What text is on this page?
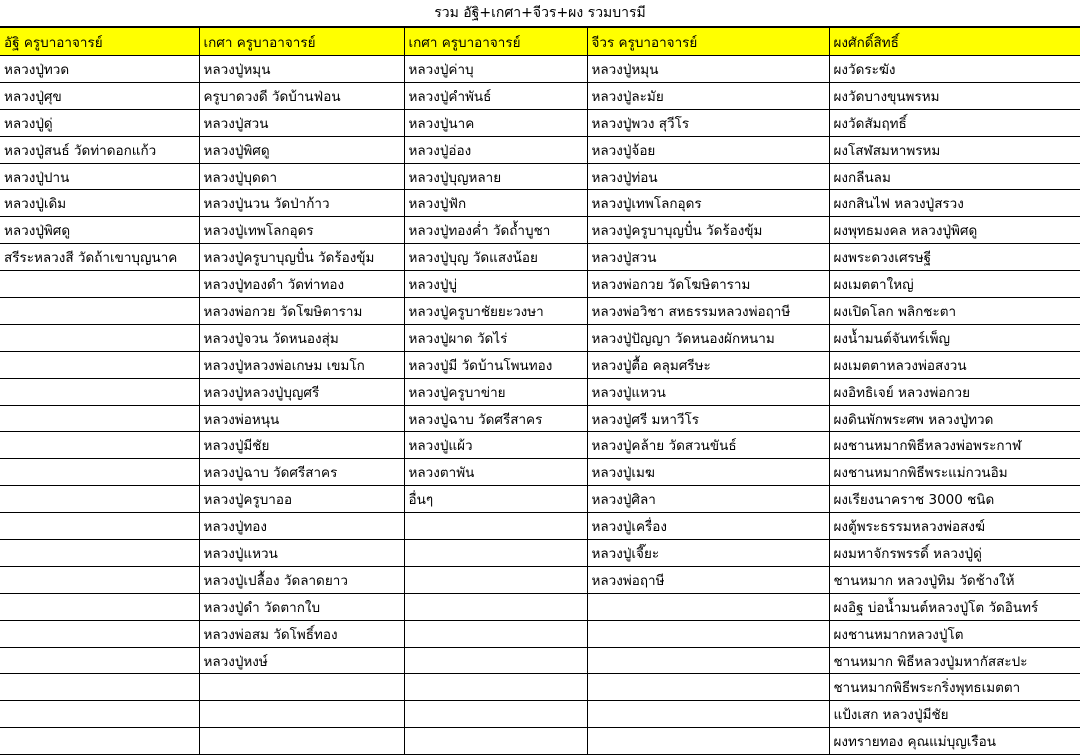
รวม อัฐิ+เกศา+จีวร+ผง รวมบารมี
อัฐิ ครูบาอาจารย์	เกศา ครูบาอาจารย์	เกศา ครูบาอาจารย์	จีวร ครูบาอาจารย์	ผงศักดิ์สิทธิ์
หลวงปู่ทวด	หลวงปู่หมุน	หลวงปู่ค่าบุ	หลวงปู่หมุน	ผงวัดระฆัง
หลวงปู่ศุข	ครูบาดวงดี วัดบ้านฟ่อน	หลวงปู่คำพันธ์	หลวงปู่ละมัย	ผงวัดบางขุนพรหม
หลวงปู่ดู่	หลวงปู่สวน	หลวงปู่นาค	หลวงปู่พวง สุวีโร	ผงวัดสัมฤทธิ์
หลวงปู่สนธ์ วัดท่าดอกแก้ว	หลวงปู่พิศดู	หลวงปู่อ่อง	หลวงปู่จ้อย	ผงโสฬสมหาพรหม
หลวงปู่ปาน	หลวงปู่บุดดา	หลวงปู่บุญหลาย	หลวงปู่ท่อน	ผงกลีนลม
หลวงปู่เดิม	หลวงปู่นวน วัดป่าก้าว	หลวงปู่ฟัก	หลวงปู่เทพโลกอุดร	ผงกสินไฟ หลวงปู่สรวง
หลวงปู่พิศดู	หลวงปู่เทพโลกอุดร	หลวงปู่ทองค่ำ วัดถ้ำบูชา	หลวงปู่ครูบาบุญปั๋น วัดร้องขุ้ม	ผงพุทธมงคล หลวงปู่พิศดู
สรีระหลวงสี วัดถ้าเขาบุญนาค	หลวงปู่ครูบาบุญปั๋น วัดร้องขุ้ม	หลวงปู่บุญ วัดแสงน้อย	หลวงปู่สวน	ผงพระดวงเศรษฐี
	หลวงปู่ทองดำ วัดท่าทอง	หลวงปู่บู่	หลวงพ่อกวย วัดโฆษิตาราม	ผงเมตตาใหญ่
	หลวงพ่อกวย วัดโฆษิตาราม	หลวงปู่ครูบาชัยยะวงษา	หลวงพ่อวิชา สหธรรมหลวงพ่อฤาษี	ผงเปิดโลก พลิกชะตา
	หลวงปู่จวน วัดหนองสุ่ม	หลวงปู่ผาด วัดไร่	หลวงปู่ปัญญา วัดหนองผักหนาม	ผงน้ำมนต์จันทร์เพ็ญ
	หลวงปู่หลวงพ่อเกษม เขมโก	หลวงปู่มี วัดบ้านโพนทอง	หลวงปู่ตื้อ คลุมศรีษะ	ผงเมตตาหลวงพ่อสงวน
	หลวงปู่หลวงปู่บุญศรี	หลวงปู่ครูบาข่าย	หลวงปู่แหวน	ผงอิทธิเจย์ หลวงพ่อกวย
	หลวงพ่อหนุน	หลวงปู่ฉาบ วัดศรีสาคร	หลวงปู่ศรี มหาวีโร	ผงดินพักพระศพ หลวงปู่ทวด
	หลวงปู่มีชัย	หลวงปู่แผ้ว	หลวงปู่คล้าย วัดสวนขันธ์	ผงชานหมากพิธีหลวงพ่อพระกาฬ
	หลวงปู่ฉาบ วัดศรีสาคร	หลวงตาพัน	หลวงปู่เมฆ	ผงชานหมากพิธีพระแม่กวนอิม
	หลวงปู่ครูบาออ	อื่นๆ	หลวงปู่ศิลา	ผงเรียงนาคราช 3000 ชนิด
	หลวงปู่ทอง		หลวงปู่เครื่อง	ผงตู้พระธรรมหลวงพ่อสงฆ์
	หลวงปู่แหวน		หลวงปู่เจี๊ยะ	ผงมหาจักรพรรดิ์ หลวงปู่ดู่
	หลวงปู่เปลื้อง วัดลาดยาว		หลวงพ่อฤาษี	ชานหมาก หลวงปู่ทิม วัดช้างให้
	หลวงปู่ดำ วัดตากใบ			ผงอิฐ บ่อน้ำมนต์หลวงปู่โต วัดอินทร์
	หลวงพ่อสม วัดโพธิ์ทอง			ผงชานหมากหลวงปู่โต
	หลวงปู่หงษ์			ชานหมาก พิธีหลวงปู่มหากัสสะปะ
				ชานหมากพิธีพระกริ่งพุทธเมตตา
				แป้งเสก หลวงปู่มีชัย
				ผงทรายทอง คุณแม่บุญเรือน
